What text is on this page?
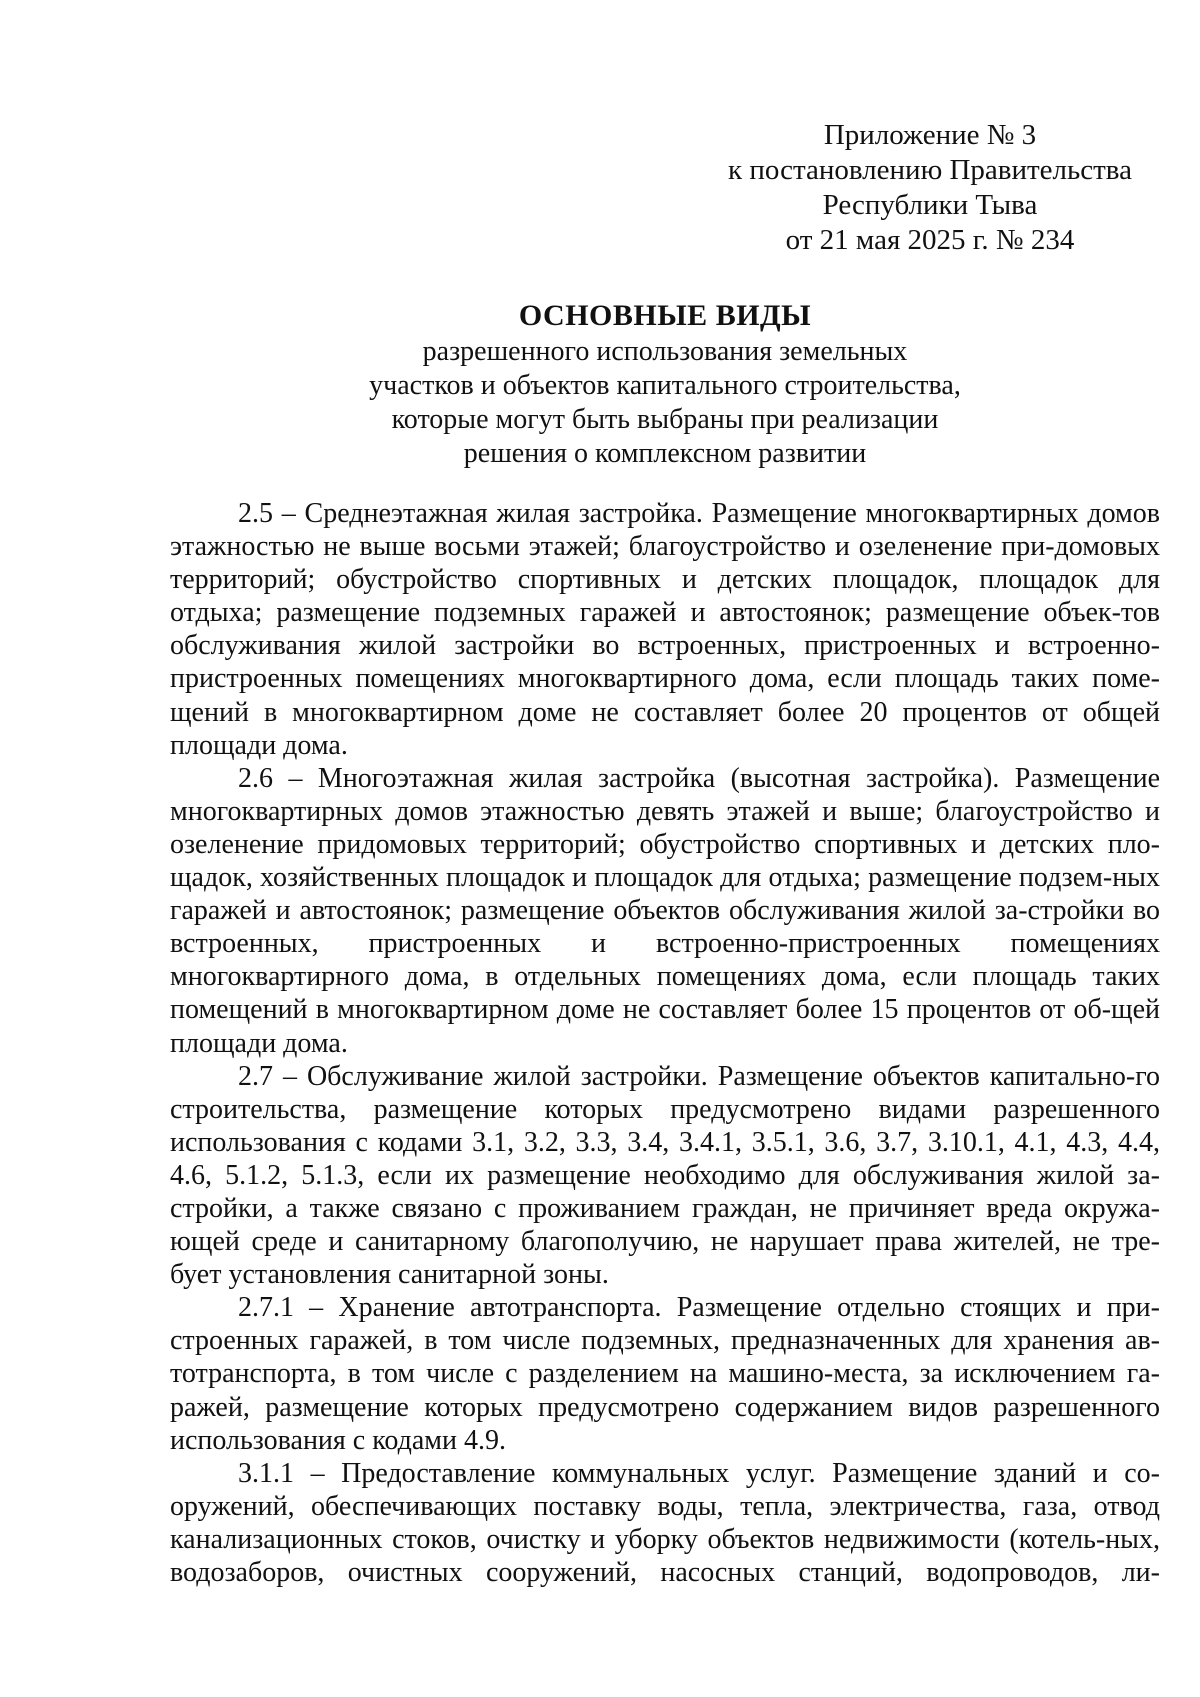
Приложение № 3
к постановлению Правительства
Республики Тыва
от 21 мая 2025 г. № 234
ОСНОВНЫЕ ВИДЫ
разрешенного использования земельных
участков и объектов капитального строительства,
которые могут быть выбраны при реализации
решения о комплексном развитии

2.5 – Среднеэтажная жилая застройка. Размещение многоквартирных домов этажностью не выше восьми этажей; благоустройство и озеленение при-домовых территорий; обустройство спортивных и детских площадок, площадок для отдыха; размещение подземных гаражей и автостоянок; размещение объек-тов обслуживания жилой застройки во встроенных, пристроенных и встроенно-пристроенных помещениях многоквартирного дома, если площадь таких поме-щений в многоквартирном доме не составляет более 20 процентов от общей площади дома.

2.6 – Многоэтажная жилая застройка (высотная застройка). Размещение многоквартирных домов этажностью девять этажей и выше; благоустройство и озеленение придомовых территорий; обустройство спортивных и детских пло-щадок, хозяйственных площадок и площадок для отдыха; размещение подзем-ных гаражей и автостоянок; размещение объектов обслуживания жилой за-стройки во встроенных, пристроенных и встроенно-пристроенных помещениях многоквартирного дома, в отдельных помещениях дома, если площадь таких помещений в многоквартирном доме не составляет более 15 процентов от об-щей площади дома.

2.7 – Обслуживание жилой застройки. Размещение объектов капитально-го строительства, размещение которых предусмотрено видами разрешенного использования с кодами 3.1, 3.2, 3.3, 3.4, 3.4.1, 3.5.1, 3.6, 3.7, 3.10.1, 4.1, 4.3, 4.4, 4.6, 5.1.2, 5.1.3, если их размещение необходимо для обслуживания жилой за-стройки, а также связано с проживанием граждан, не причиняет вреда окружа-ющей среде и санитарному благополучию, не нарушает права жителей, не тре-бует установления санитарной зоны.

2.7.1 – Хранение автотранспорта. Размещение отдельно стоящих и при-строенных гаражей, в том числе подземных, предназначенных для хранения ав-тотранспорта, в том числе с разделением на машино-места, за исключением га-ражей, размещение которых предусмотрено содержанием видов разрешенного использования с кодами 4.9.

3.1.1 – Предоставление коммунальных услуг. Размещение зданий и со-оружений, обеспечивающих поставку воды, тепла, электричества, газа, отвод канализационных стоков, очистку и уборку объектов недвижимости (котель-ных, водозаборов, очистных сооружений, насосных станций, водопроводов, ли-
